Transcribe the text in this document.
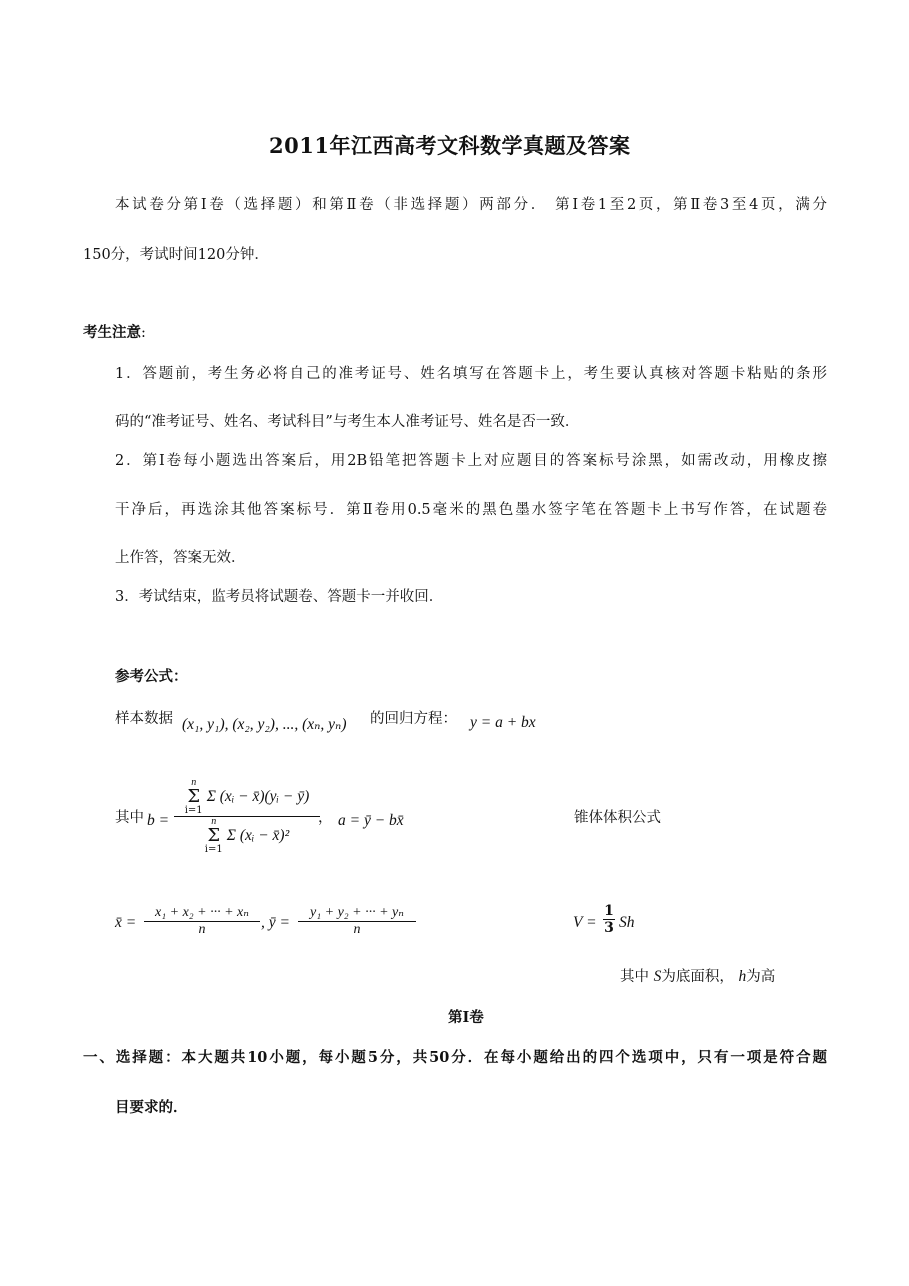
2011年江西高考文科数学真题及答案
本试卷分第Ⅰ卷（选择题）和第Ⅱ卷（非选择题）两部分． 第Ⅰ卷1至2页，第Ⅱ卷3至4页，满分
150分，考试时间120分钟．
考生注意:
1．答题前，考生务必将自己的准考证号、姓名填写在答题卡上，考生要认真核对答题卡粘贴的条形
码的“准考证号、姓名、考试科目”与考生本人准考证号、姓名是否一致．
2．第Ⅰ卷每小题选出答案后，用2B铅笔把答题卡上对应题目的答案标号涂黑，如需改动，用橡皮擦
干净后，再选涂其他答案标号．第Ⅱ卷用0.5毫米的黑色墨水签字笔在答题卡上书写作答，在试题卷
上作答，答案无效．
3．考试结束，监考员将试题卷、答题卡一并收回．
参考公式：
样本数据 (x₁, y₁), (x₂, y₂), ..., (xₙ, yₙ) 的回归方程： y = a + bx
其中 b =
n
Σ
i=1
Σ (xᵢ − x̄)(yᵢ − ȳ)
n
Σ
i=1
Σ (xᵢ − x̄)²
， a = ȳ − bx̄	锥体体积公式
x̄ =
x₁ + x₂ + ··· + xₙ
n	, ȳ =
y₁ + y₂ + ··· + yₙ
n	V =
1
3 Sh
其中 S为底面积， h为高
第Ⅰ卷
一、选择题：本大题共10小题，每小题5分，共50分．在每小题给出的四个选项中，只有一项是符合题
目要求的．
